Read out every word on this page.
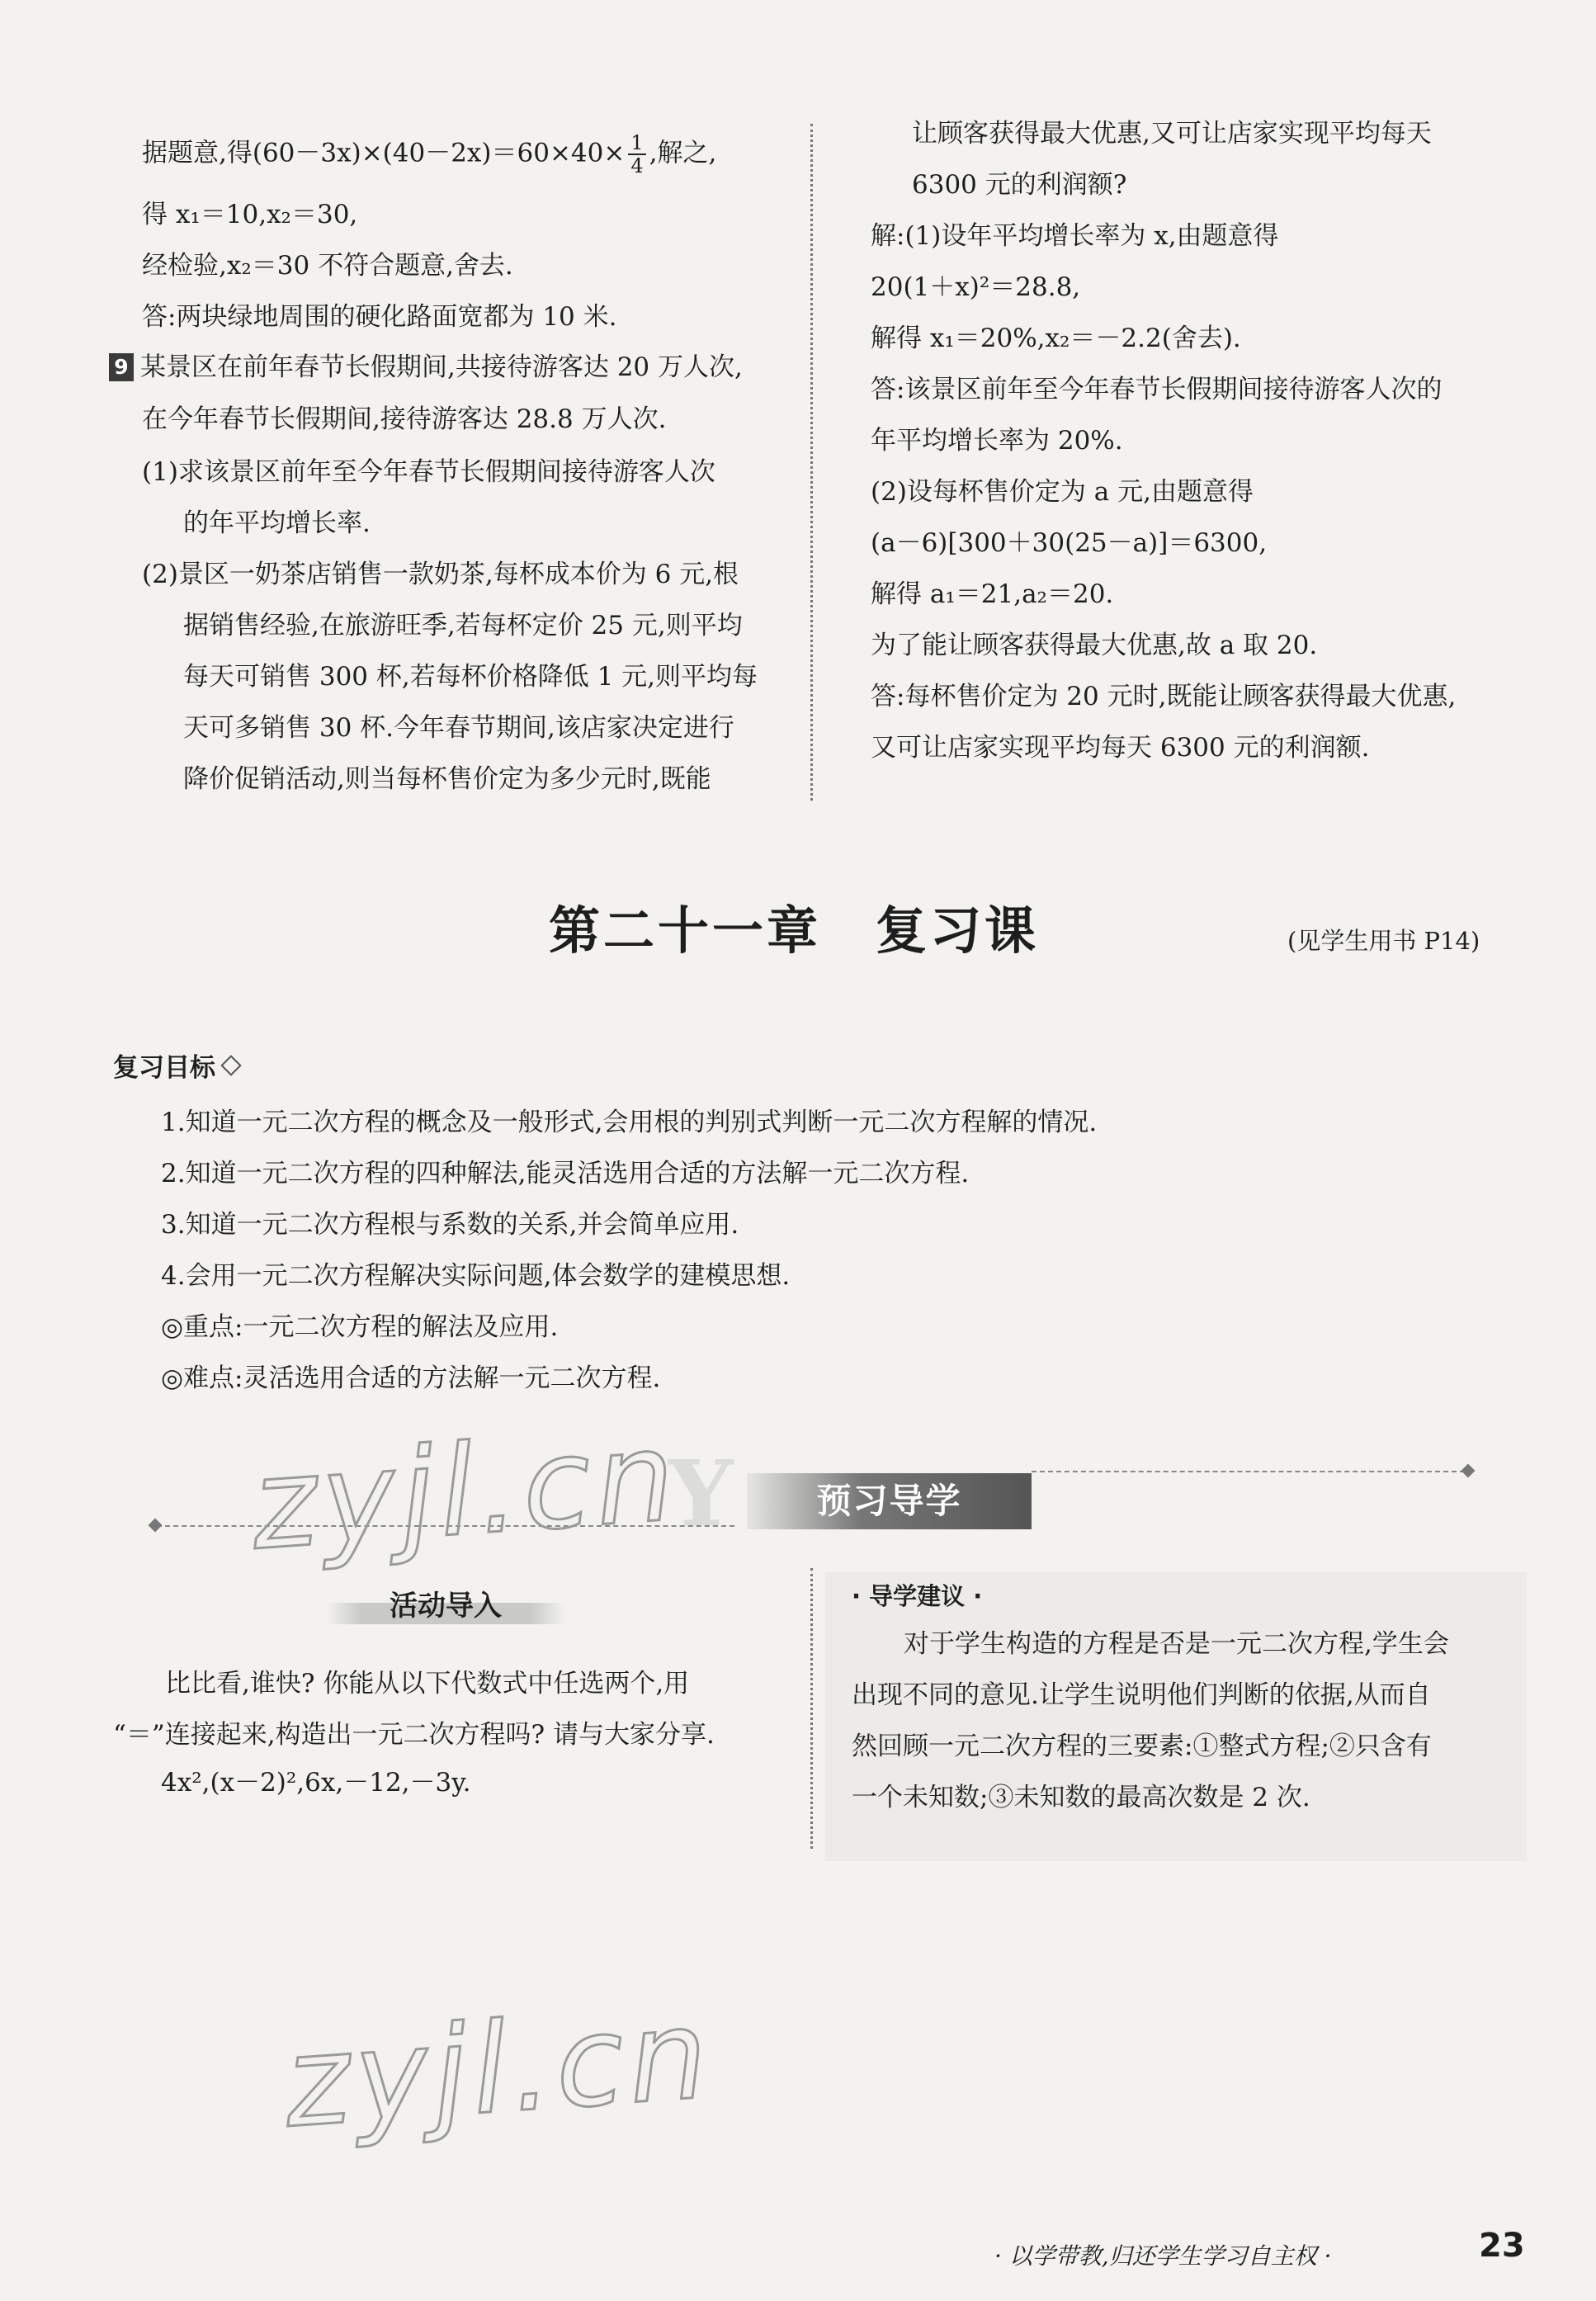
据题意,得$(60-3x)\times(40-2x)=60\times 40\times \frac{1}{4}$ ,解之,
得 x₁＝10,x₂＝30,
经检验,x₂＝30 不符合题意,舍去.
答:两块绿地周围的硬化路面宽都为 10 米.
9 某景区在前年春节长假期间,共接待游客达 20 万人次,
在今年春节长假期间,接待游客达 28.8 万人次.
(1)求该景区前年至今年春节长假期间接待游客人次
的年平均增长率.
(2)景区一奶茶店销售一款奶茶,每杯成本价为 6 元,根
据销售经验,在旅游旺季,若每杯定价 25 元,则平均
每天可销售 300 杯,若每杯价格降低 1 元,则平均每
天可多销售 30 杯.今年春节期间,该店家决定进行
降价促销活动,则当每杯售价定为多少元时,既能
让顾客获得最大优惠,又可让店家实现平均每天
6300 元的利润额?
解:(1)设年平均增长率为 x,由题意得
20(1＋x)²＝28.8,
解得 x₁＝20%,x₂＝－2.2(舍去).
答:该景区前年至今年春节长假期间接待游客人次的
年平均增长率为 20%.
(2)设每杯售价定为 a 元,由题意得
(a－6)[300＋30(25－a)]＝6300,
解得 a₁＝21,a₂＝20.
为了能让顾客获得最大优惠,故 a 取 20.
答:每杯售价定为 20 元时,既能让顾客获得最大优惠,
又可让店家实现平均每天 6300 元的利润额.
第二十一章　复习课	(见学生用书 P14)
复习目标
1.知道一元二次方程的概念及一般形式,会用根的判别式判断一元二次方程解的情况.
2.知道一元二次方程的四种解法,能灵活选用合适的方法解一元二次方程.
3.知道一元二次方程根与系数的关系,并会简单应用.
4.会用一元二次方程解决实际问题,体会数学的建模思想.
◎重点:一元二次方程的解法及应用.
◎难点:灵活选用合适的方法解一元二次方程.
Y	预习导学
活动导入
比比看,谁快? 你能从以下代数式中任选两个,用
“＝”连接起来,构造出一元二次方程吗? 请与大家分享.
4x²,(x－2)²,6x,－12,－3y.
· 导学建议 ·
对于学生构造的方程是否是一元二次方程,学生会
出现不同的意见.让学生说明他们判断的依据,从而自
然回顾一元二次方程的三要素:①整式方程;②只含有
一个未知数;③未知数的最高次数是 2 次.
zyjl.cn
zyjl.cn
· 以学带教,归还学生学习自主权 ·	23
